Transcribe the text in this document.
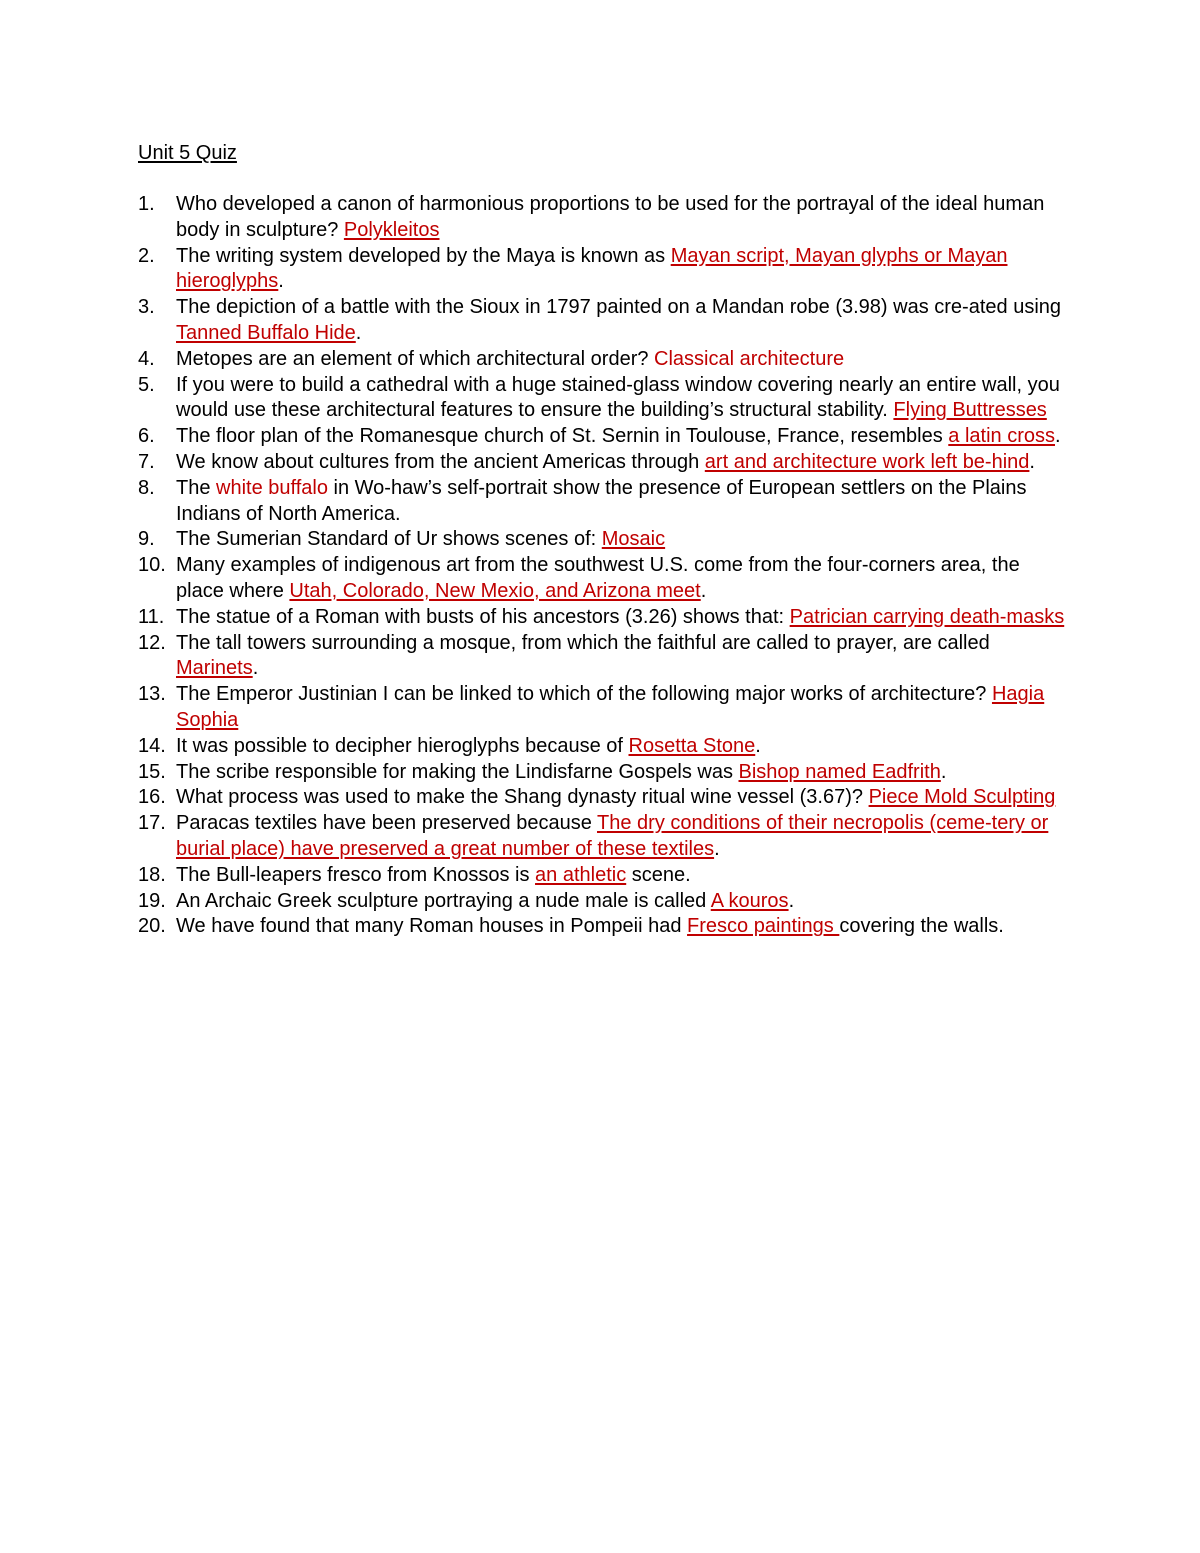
Unit 5 Quiz
1.	Who developed a canon of harmonious proportions to be used for the portrayal of the ideal human body in sculpture? Polykleitos
2.	The writing system developed by the Maya is known as Mayan script, Mayan glyphs or Mayan hieroglyphs.
3.	The depiction of a battle with the Sioux in 1797 painted on a Mandan robe (3.98) was cre-ated using Tanned Buffalo Hide.
4.	Metopes are an element of which architectural order? Classical architecture
5.	If you were to build a cathedral with a huge stained-glass window covering nearly an entire wall, you would use these architectural features to ensure the building’s structural stability. Flying Buttresses
6.	The floor plan of the Romanesque church of St. Sernin in Toulouse, France, resembles a latin cross.
7.	We know about cultures from the ancient Americas through art and architecture work left be-hind.
8.	The white buffalo in Wo-haw’s self-portrait show the presence of European settlers on the Plains Indians of North America.
9.	The Sumerian Standard of Ur shows scenes of: Mosaic
10. Many examples of indigenous art from the southwest U.S. come from the four-corners area, the place where Utah, Colorado, New Mexio, and Arizona meet.
11. The statue of a Roman with busts of his ancestors (3.26) shows that: Patrician carrying death-masks
12. The tall towers surrounding a mosque, from which the faithful are called to prayer, are called Marinets.
13. The Emperor Justinian I can be linked to which of the following major works of architecture? Hagia Sophia
14. It was possible to decipher hieroglyphs because of Rosetta Stone.
15. The scribe responsible for making the Lindisfarne Gospels was Bishop named Eadfrith.
16. What process was used to make the Shang dynasty ritual wine vessel (3.67)? Piece Mold Sculpting
17. Paracas textiles have been preserved because The dry conditions of their necropolis (ceme-tery or burial place) have preserved a great number of these textiles.
18. The Bull-leapers fresco from Knossos is an athletic scene.
19. An Archaic Greek sculpture portraying a nude male is called A kouros.
20. We have found that many Roman houses in Pompeii had Fresco paintings covering the walls.
